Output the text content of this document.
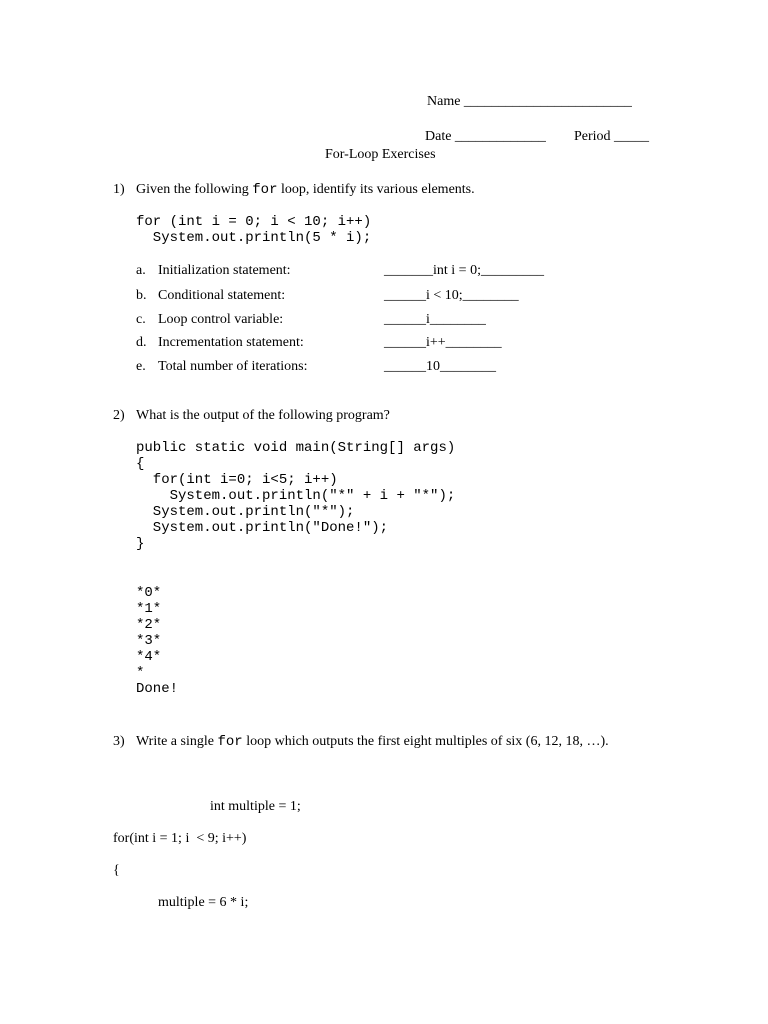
Name ________________________
Date _____________ Period _____
For-Loop Exercises
1) Given the following for loop, identify its various elements.
for (int i = 0; i < 10; i++)
System.out.println(5 * i);
a. Initialization statement:	_______int i = 0;_________
b. Conditional statement:	______i < 10;________
c. Loop control variable:	______i________
d. Incrementation statement:	______i++________
e. Total number of iterations:	______10________
2) What is the output of the following program?
public static void main(String[] args)
{
for(int i=0; i<5; i++)
System.out.println("*" + i + "*");
System.out.println("*");
System.out.println("Done!");
}
*0*
*1*
*2*
*3*
*4*
*
Done!
3) Write a single for loop which outputs the first eight multiples of six (6, 12, 18, …).
int multiple = 1;
for(int i = 1; i  < 9; i++)
{
multiple = 6 * i;
